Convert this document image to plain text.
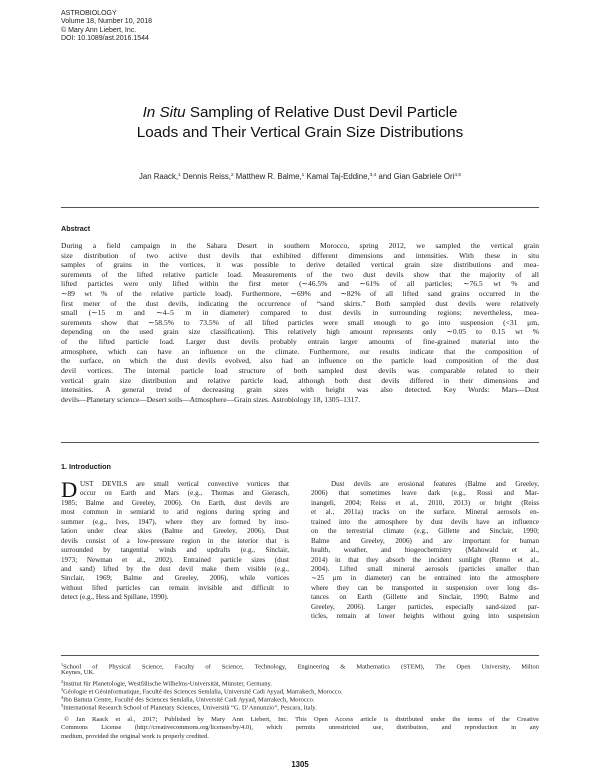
ASTROBIOLOGY
Volume 18, Number 10, 2018
© Mary Ann Liebert, Inc.
DOI: 10.1089/ast.2016.1544
In Situ Sampling of Relative Dust Devil Particle
Loads and Their Vertical Grain Size Distributions
Jan Raack,$^1$ Dennis Reiss,$^2$ Matthew R. Balme,$^1$ Kamal Taj-Eddine,$^{3,4}$ and Gian Gabriele Ori$^{4,5}$
Abstract
During a field campaign in the Sahara Desert in southern Morocco, spring 2012, we sampled the vertical grain
size distribution of two active dust devils that exhibited different dimensions and intensities. With these in situ
samples of grains in the vortices, it was possible to derive detailed vertical grain size distributions and mea-
surements of the lifted relative particle load. Measurements of the two dust devils show that the majority of all
lifted particles were only lifted within the first meter (∼46.5% and ∼61% of all particles; ∼76.5 wt % and
∼89 wt % of the relative particle load). Furthermore, ∼69% and ∼82% of all lifted sand grains occurred in the
first meter of the dust devils, indicating the occurrence of “sand skirts.” Both sampled dust devils were relatively
small (∼15 m and ∼4–5 m in diameter) compared to dust devils in surrounding regions; nevertheless, mea-
surements show that ∼58.5% to 73.5% of all lifted particles were small enough to go into suspension (<31 μm,
depending on the used grain size classification). This relatively high amount represents only ∼0.05 to 0.15 wt %
of the lifted particle load. Larger dust devils probably entrain larger amounts of fine-grained material into the
atmosphere, which can have an influence on the climate. Furthermore, our results indicate that the composition of
the surface, on which the dust devils evolved, also had an influence on the particle load composition of the dust
devil vortices. The internal particle load structure of both sampled dust devils was comparable related to their
vertical grain size distribution and relative particle load, although both dust devils differed in their dimensions and
intensities. A general trend of decreasing grain sizes with height was also detected. Key Words: Mars—Dust
devils—Planetary science—Desert soils—Atmosphere—Grain sizes. Astrobiology 18, 1305–1317.
1. Introduction
D UST DEVILS are small vertical convective vortices that
occur on Earth and Mars (e.g., Thomas and Gierasch,
1985; Balme and Greeley, 2006). On Earth, dust devils are
most common in semiarid to arid regions during spring and
summer (e.g., Ives, 1947), where they are formed by inso-
lation under clear skies (Balme and Greeley, 2006). Dust
devils consist of a low-pressure region in the interior that is
surrounded by tangential winds and updrafts (e.g., Sinclair,
1973; Newman et al., 2002). Entrained particle sizes (dust
and sand) lifted by the dust devil make them visible (e.g.,
Sinclair, 1969; Balme and Greeley, 2006), while vortices
without lifted particles can remain invisible and difficult to
detect (e.g., Hess and Spillane, 1990).
Dust devils are erosional features (Balme and Greeley,
2006) that sometimes leave dark (e.g., Rossi and Mar-
inangeli, 2004; Reiss et al., 2010, 2013) or bright (Reiss
et al., 2011a) tracks on the surface. Mineral aerosols en-
trained into the atmosphere by dust devils have an influence
on the terrestrial climate (e.g., Gillette and Sinclair, 1990;
Balme and Greeley, 2006) and are important for human
health, weather, and biogeochemistry (Mahowald et al.,
2014) in that they absorb the incident sunlight (Renno et al.,
2004). Lifted small mineral aerosols (particles smaller than
∼25 μm in diameter) can be entrained into the atmosphere
where they can be transported in suspension over long dis-
tances on Earth (Gillette and Sinclair, 1990; Balme and
Greeley, 2006). Larger particles, especially sand-sized par-
ticles, remain at lower heights without going into suspension
$^1$School of Physical Science, Faculty of Science, Technology, Engineering & Mathematics (STEM), The Open University, Milton
Keynes, UK.
$^2$Institut für Planetologie, Westfälische Wilhelms-Universität, Münster, Germany.
$^3$Géologie et Géoinformatique, Faculté des Sciences Semlalia, Université Cadi Ayyad, Marrakech, Morocco.
$^4$Ibn Battuta Centre, Faculté des Sciences Semlalia, Université Cadi Ayyad, Marrakech, Morocco.
$^5$International Research School of Planetary Sciences, Università “G. D’Annunzio”, Pescara, Italy.
© Jan Raack et al., 2017; Published by Mary Ann Liebert, Inc. This Open Access article is distributed under the terms of the Creative
Commons License (http://creativecommons.org/licenses/by/4.0), which permits unrestricted use, distribution, and reproduction in any
medium, provided the original work is properly credited.
1305
